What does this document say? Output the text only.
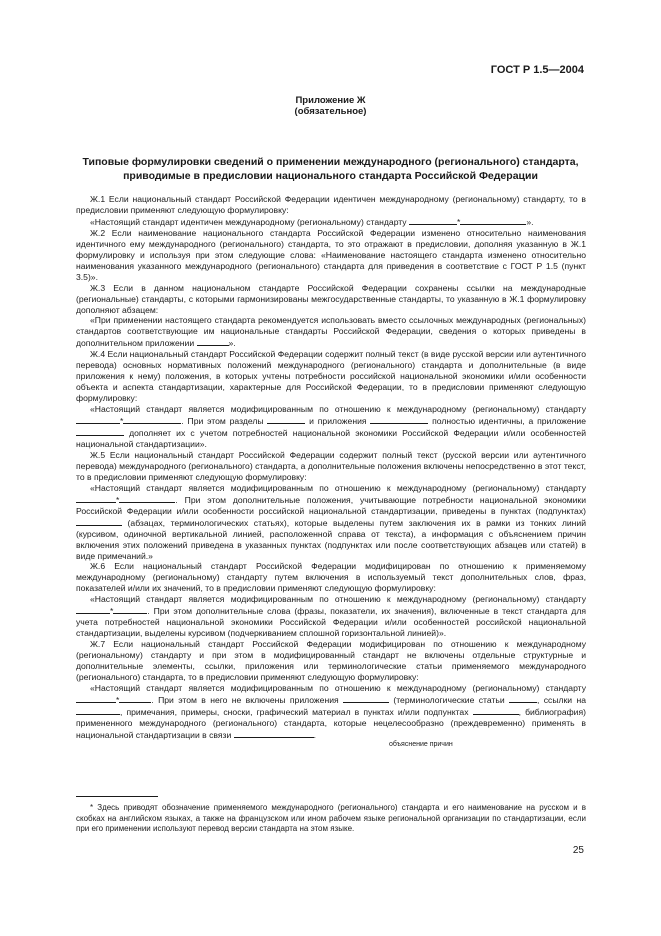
ГОСТ Р 1.5—2004
Приложение Ж
(обязательное)
Типовые формулировки сведений о применении международного (регионального) стандарта,
приводимые в предисловии национального стандарта Российской Федерации

Ж.1 Если национальный стандарт Российской Федерации идентичен международному (региональному) стандарту, то в предисловии применяют следующую формулировку:

«Настоящий стандарт идентичен международному (региональному) стандарту	*	».

Ж.2 Если наименование национального стандарта Российской Федерации изменено относительно наименования идентичного ему международного (регионального) стандарта, то это отражают в предисловии, дополняя указанную в Ж.1 формулировку и используя при этом следующие слова: «Наименование настоящего стандарта изменено относительно наименования указанного международного (регионального) стандарта для приведения в соответствие с ГОСТ Р 1.5 (пункт 3.5)».

Ж.3 Если в данном национальном стандарте Российской Федерации сохранены ссылки на международные (региональные) стандарты, с которыми гармонизированы межгосударственные стандарты, то указанную в Ж.1 формулировку дополняют абзацем:

«При применении настоящего стандарта рекомендуется использовать вместо ссылочных международных (региональных) стандартов соответствующие им национальные стандарты Российской Федерации, сведения о которых приведены в дополнительном приложении	».

Ж.4 Если национальный стандарт Российской Федерации содержит полный текст (в виде русской версии или аутентичного перевода) основных нормативных положений международного (регионального) стандарта и дополнительные (в виде приложения к нему) положения, в которых учтены потребности российской национальной экономики и/или особенности объекта и аспекта стандартизации, характерные для Российской Федерации, то в предисловии применяют следующую формулировку:

«Настоящий стандарт является модифицированным по отношению к международному (региональному) стандарту *	. При этом разделы	и приложения	полностью идентичны, а приложение  дополняет их с учетом потребностей национальной экономики Российской Федерации и/или особенностей национальной стандартизации».

Ж.5 Если национальный стандарт Российской Федерации содержит полный текст (русской версии или аутентичного перевода) международного (регионального) стандарта, а дополнительные положения включены непосредственно в этот текст, то в предисловии применяют следующую формулировку:

«Настоящий стандарт является модифицированным по отношению к международному (региональному) стандарту *	. При этом дополнительные положения, учитывающие потребности национальной экономики Российской Федерации и/или особенности российской национальной стандартизации, приведены в пунктах (подпунктах)  (абзацах, терминологических статьях), которые выделены путем заключения их в рамки из тонких линий (курсивом, одиночной вертикальной линией, расположенной справа от текста), а информация с объяснением причин включения этих положений приведена в указанных пунктах (подпунктах или после соответствующих абзацев или статей) в виде примечаний.»

Ж.6 Если национальный стандарт Российской Федерации модифицирован по отношению к применяемому международному (региональному) стандарту путем включения в используемый текст дополнительных слов, фраз, показателей и/или их значений, то в предисловии применяют следующую формулировку:

«Настоящий стандарт является модифицированным по отношению к международному (региональному) стандарту *	. При этом дополнительные слова (фразы, показатели, их значения), включенные в текст стандарта для учета потребностей национальной экономики Российской Федерации и/или особенностей российской национальной стандартизации, выделены курсивом (подчеркиванием сплошной горизонтальной линией)».

Ж.7 Если национальный стандарт Российской Федерации модифицирован по отношению к международному (региональному) стандарту и при этом в модифицированный стандарт не включены отдельные структурные и дополнительные элементы, ссылки, приложения или терминологические статьи применяемого международного (регионального) стандарта, то в предисловии применяют следующую формулировку:

«Настоящий стандарт является модифицированным по отношению к международному (региональному) стандарту *	. При этом в него не включены приложения	(терминологические статьи	, ссылки на , примечания, примеры, сноски, графический материал в пунктах и/или подпунктах	, библиография) примененного международного (регионального) стандарта, которые нецелесообразно (преждевременно) применять в национальной стандартизации в связи	.

объяснение причин
* Здесь приводят обозначение применяемого международного (регионального) стандарта и его наименование на русском и в скобках на английском языках, а также на французском или ином рабочем языке региональной организации по стандартизации, если при его применении используют перевод версии стандарта на этом языке.
25
